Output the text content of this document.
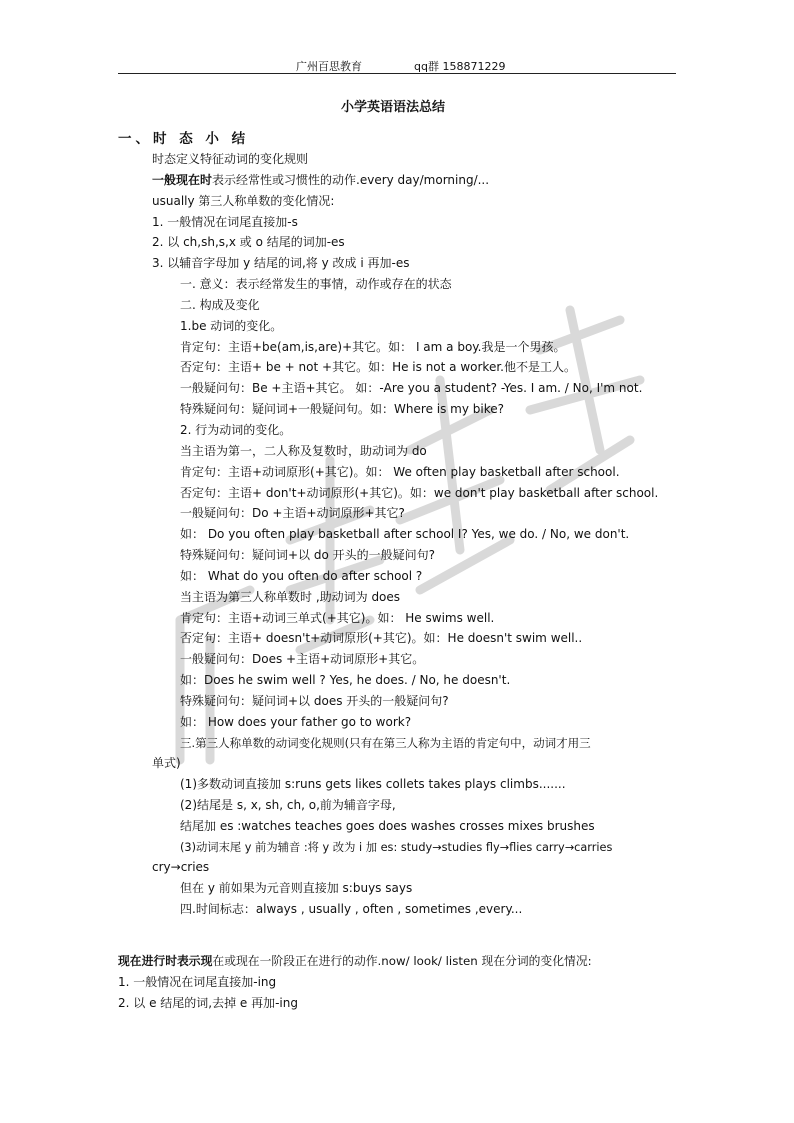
广州百思教育	qq群 158871229
小学英语语法总结
一、时 态 小 结
时态定义特征动词的变化规则
一般现在时表示经常性或习惯性的动作.every day/morning/...
usually 第三人称单数的变化情况:
1. 一般情况在词尾直接加-s
2. 以 ch,sh,s,x 或 o 结尾的词加-es
3. 以辅音字母加 y 结尾的词,将 y 改成 i 再加-es
一. 意义：表示经常发生的事情，动作或存在的状态
二. 构成及变化
1.be 动词的变化。
肯定句：主语+be(am,is,are)+其它。如： I am a boy.我是一个男孩。
否定句：主语+ be + not +其它。如：He is not a worker.他不是工人。
一般疑问句：Be +主语+其它。 如：-Are you a student? -Yes. I am. / No, I'm not.
特殊疑问句：疑问词+一般疑问句。如：Where is my bike?
2. 行为动词的变化。
当主语为第一，二人称及复数时，助动词为 do
肯定句：主语+动词原形(+其它)。如： We often play basketball after school.
否定句：主语+ don't+动词原形(+其它)。如：we don't play basketball after school.
一般疑问句：Do +主语+动词原形+其它?
如： Do you often play basketball after school I? Yes, we do. / No, we don't.
特殊疑问句：疑问词+以 do 开头的一般疑问句?
如： What do you often do after school ?
当主语为第三人称单数时 ,助动词为 does
肯定句：主语+动词三单式(+其它)。如： He swims well.
否定句：主语+ doesn't+动词原形(+其它)。如：He doesn't swim well..
一般疑问句：Does +主语+动词原形+其它。
如：Does he swim well ? Yes, he does. / No, he doesn't.
特殊疑问句：疑问词+以 does 开头的一般疑问句?
如： How does your father go to work?
三.第三人称单数的动词变化规则(只有在第三人称为主语的肯定句中，动词才用三
单式)
(1)多数动词直接加 s:runs gets likes collets takes plays climbs.......
(2)结尾是 s, x, sh, ch, o,前为辅音字母,
结尾加 es :watches teaches goes does washes crosses mixes brushes
(3)动词末尾 y 前为辅音 :将 y 改为 i 加 es: study→studies fly→flies carry→carries
cry→cries
但在 y 前如果为元音则直接加 s:buys says
四.时间标志：always , usually , often , sometimes ,every...
现在进行时表示现在或现在一阶段正在进行的动作.now/ look/ listen 现在分词的变化情况:
1. 一般情况在词尾直接加-ing
2. 以 e 结尾的词,去掉 e 再加-ing
